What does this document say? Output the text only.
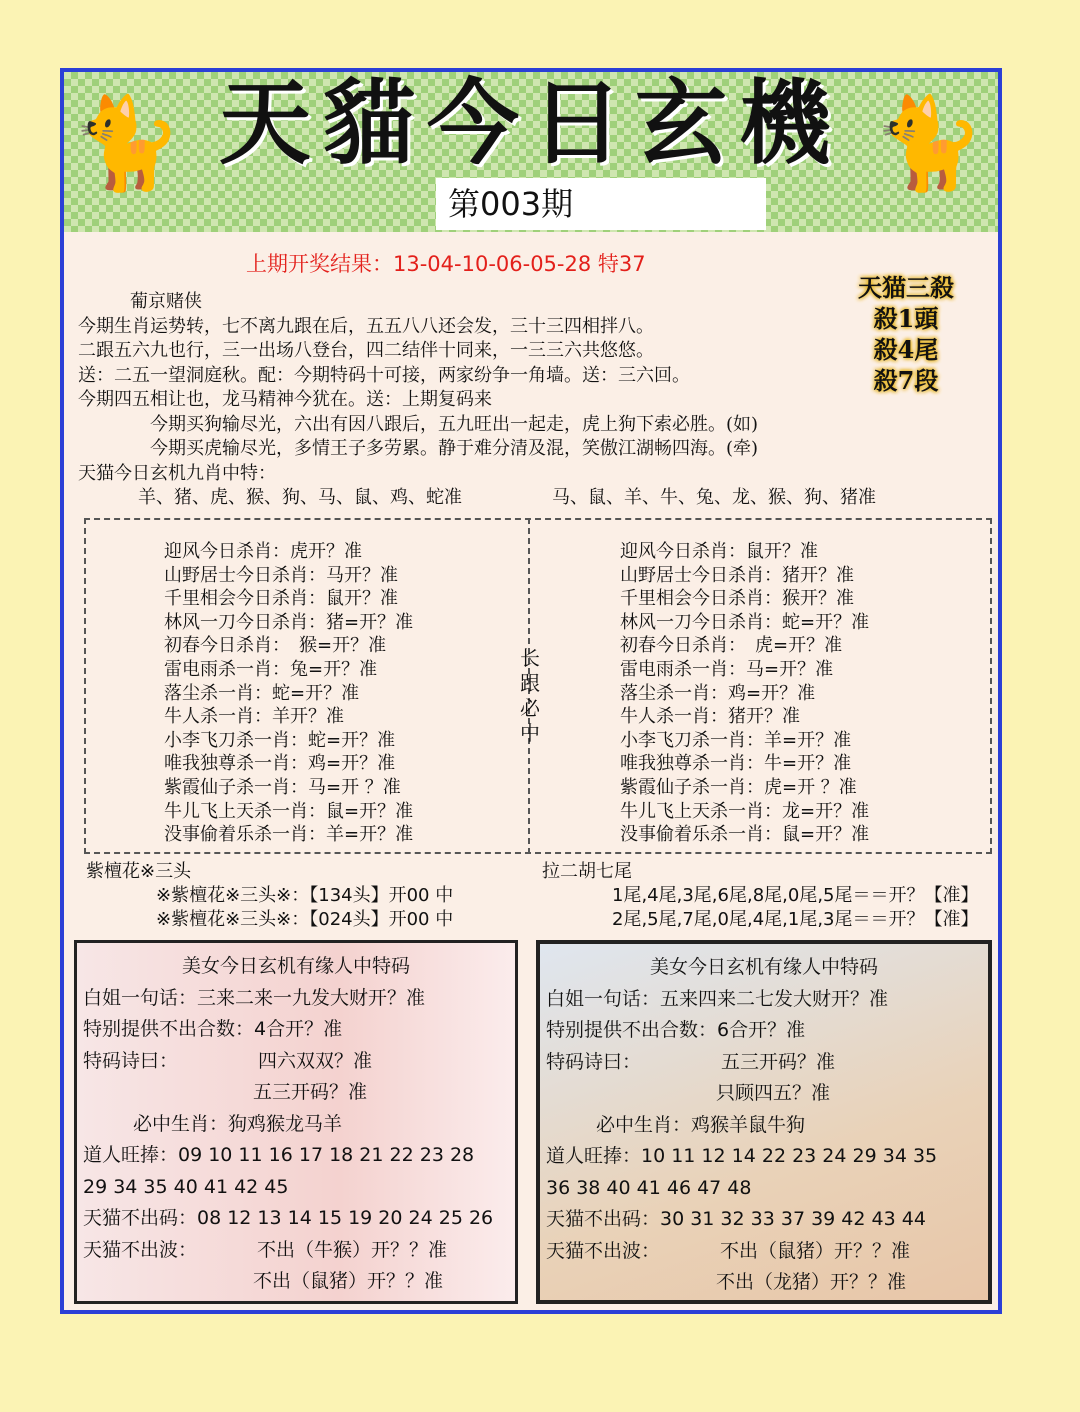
🐈	🐈
天貓今日玄機
第003期
上期开奖结果：13-04-10-06-05-28 特37
天猫三殺
殺1頭
殺4尾
殺7段
葡京赌侠
今期生肖运势转，七不离九跟在后，五五八八还会发，三十三四相拌八。
二跟五六九也行，三一出场八登台，四二结伴十同来，一三三六共悠悠。
送：二五一望洞庭秋。配：今期特码十可接，两家纷争一角墙。送：三六回。
今期四五相让也，龙马精神今犹在。送：上期复码来
今期买狗输尽光，六出有因八跟后，五九旺出一起走，虎上狗下索必胜。(如)
今期买虎输尽光，多情王子多劳累。静于难分清及混，笑傲江湖畅四海。(牵)
天猫今日玄机九肖中特：
羊、猪、虎、猴、狗、马、鼠、鸡、蛇准	马、鼠、羊、牛、兔、龙、猴、狗、猪准
迎风今日杀肖：虎开？准
山野居士今日杀肖：马开？准
千里相会今日杀肖：鼠开？准
林风一刀今日杀肖：猪=开？准
初春今日杀肖：　猴=开？准
雷电雨杀一肖：兔=开？准
落尘杀一肖：蛇=开？准
牛人杀一肖：羊开？准
小李飞刀杀一肖：蛇=开？准
唯我独尊杀一肖：鸡=开？准
紫霞仙子杀一肖：马=开 ？准
牛儿飞上天杀一肖：鼠=开？准
没事偷着乐杀一肖：羊=开？准
迎风今日杀肖：鼠开？准
山野居士今日杀肖：猪开？准
千里相会今日杀肖：猴开？准
林风一刀今日杀肖：蛇=开？准
初春今日杀肖：　虎=开？准
雷电雨杀一肖：马=开？准
落尘杀一肖：鸡=开？准
牛人杀一肖：猪开？准
小李飞刀杀一肖：羊=开？准
唯我独尊杀一肖：牛=开？准
紫霞仙子杀一肖：虎=开 ？准
牛儿飞上天杀一肖：龙=开？准
没事偷着乐杀一肖：鼠=开？准
长
跟
必
中
紫檀花※三头
※紫檀花※三头※：【134头】开00 中
※紫檀花※三头※：【024头】开00 中
拉二胡七尾
1尾,4尾,3尾,6尾,8尾,0尾,5尾＝＝开？【准】
2尾,5尾,7尾,0尾,4尾,1尾,3尾＝＝开？【准】
美女今日玄机有缘人中特码
白姐一句话：三来二来一九发大财开？准
特别提供不出合数：4合开？准
特码诗曰：	四六双双？准
五三开码？准
必中生肖：狗鸡猴龙马羊
道人旺捧：09 10 11 16 17 18 21 22 23 28
29 34 35 40 41 42 45
天猫不出码：08 12 13 14 15 19 20 24 25 26
天猫不出波：	不出（牛猴）开？？准
不出（鼠猪）开？？准
美女今日玄机有缘人中特码
白姐一句话：五来四来二七发大财开？准
特别提供不出合数：6合开？准
特码诗曰：	五三开码？准
只顾四五？准
必中生肖：鸡猴羊鼠牛狗
道人旺捧：10 11 12 14 22 23 24 29 34 35
36 38 40 41 46 47 48
天猫不出码：30 31 32 33 37 39 42 43 44
天猫不出波：	不出（鼠猪）开？？准
不出（龙猪）开？？准
